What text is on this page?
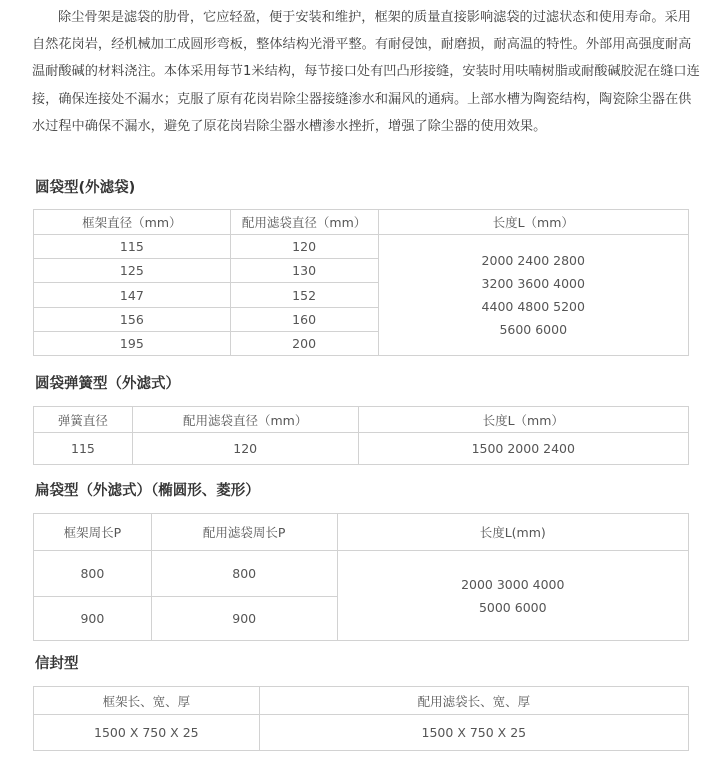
除尘骨架是滤袋的肋骨，它应轻盈，便于安装和维护，框架的质量直接影响滤袋的过滤状态和使用寿命。采用自然花岗岩，经机械加工成圆形弯板，整体结构光滑平整。有耐侵蚀，耐磨损，耐高温的特性。外部用高强度耐高温耐酸碱的材料浇注。本体采用每节1米结构，每节接口处有凹凸形接缝，安装时用呋喃树脂或耐酸碱胶泥在缝口连接，确保连接处不漏水；克服了原有花岗岩除尘器接缝渗水和漏风的通病。上部水槽为陶瓷结构，陶瓷除尘器在供水过程中确保不漏水，避免了原花岗岩除尘器水槽渗水挫折，增强了除尘器的使用效果。
圆袋型(外滤袋)
框架直径（mm）	配用滤袋直径（mm）	长度L（mm）
115	120	2000 2400 2800
3200 3600 4000
4400 4800 5200
5600 6000

125	130	
147	152	
156	160	
195	200	
圆袋弹簧型（外滤式）
弹簧直径	配用滤袋直径（mm）	长度L（mm）
115	120	1500 2000 2400
扁袋型（外滤式）（椭圆形、菱形）
框架周长P	配用滤袋周长P	长度L(mm)
800	800	2000 3000 4000
5000 6000

900	900	
信封型
框架长、宽、厚	配用滤袋长、宽、厚
1500 X 750 X 25	1500 X 750 X 25
